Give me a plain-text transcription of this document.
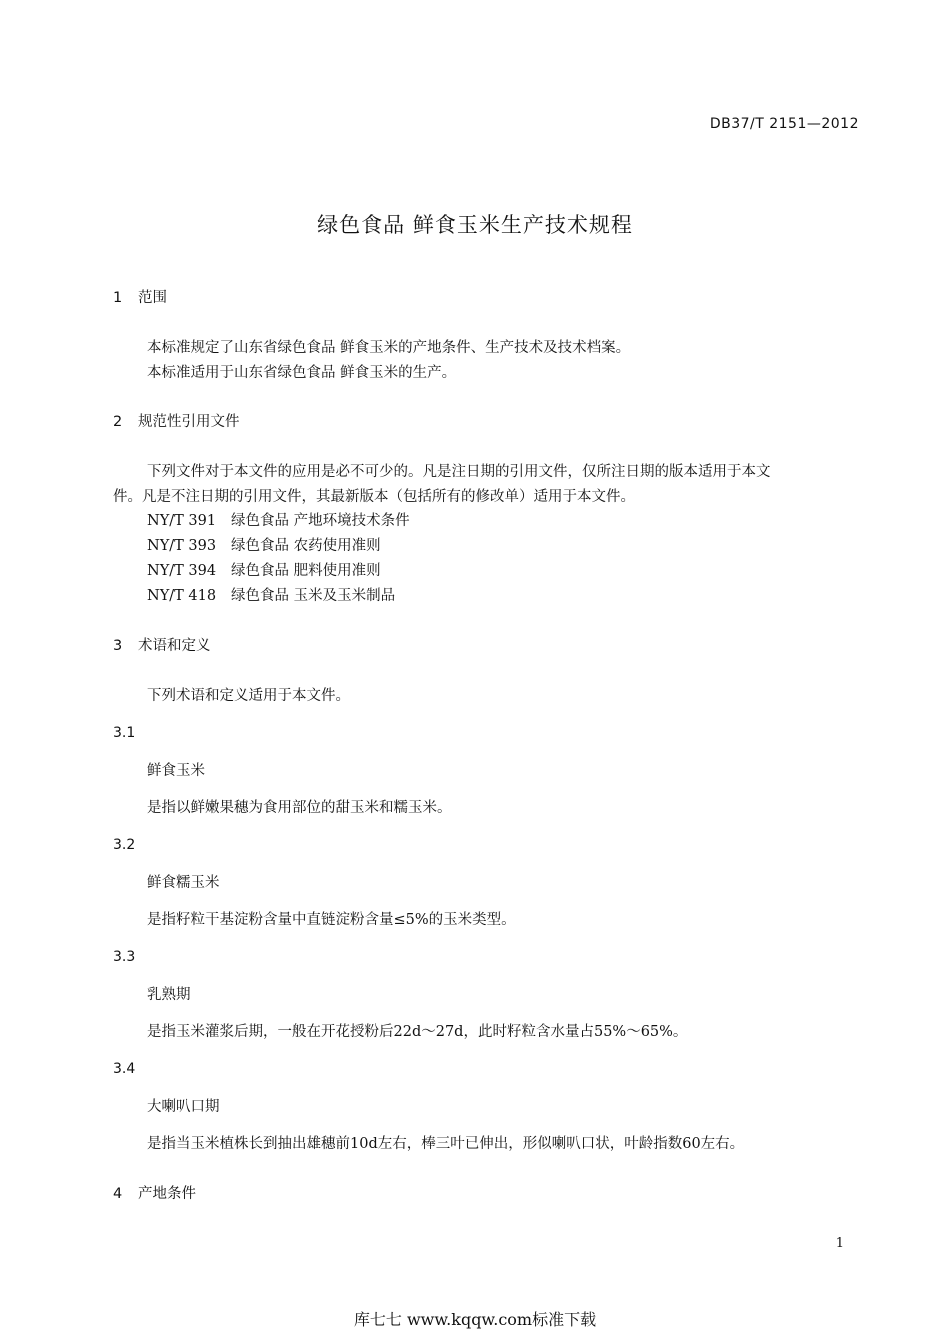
DB37/T 2151—2012
绿色食品 鲜食玉米生产技术规程
1 范围
本标准规定了山东省绿色食品 鲜食玉米的产地条件、生产技术及技术档案。
本标准适用于山东省绿色食品 鲜食玉米的生产。
2 规范性引用文件
下列文件对于本文件的应用是必不可少的。凡是注日期的引用文件，仅所注日期的版本适用于本文
件。凡是不注日期的引用文件，其最新版本（包括所有的修改单）适用于本文件。
NY/T 391 绿色食品 产地环境技术条件
NY/T 393 绿色食品 农药使用准则
NY/T 394 绿色食品 肥料使用准则
NY/T 418 绿色食品 玉米及玉米制品
3 术语和定义
下列术语和定义适用于本文件。
3.1
鲜食玉米
是指以鲜嫩果穗为食用部位的甜玉米和糯玉米。
3.2
鲜食糯玉米
是指籽粒干基淀粉含量中直链淀粉含量≤5%的玉米类型。
3.3
乳熟期
是指玉米灌浆后期，一般在开花授粉后22d～27d，此时籽粒含水量占55%～65%。
3.4
大喇叭口期
是指当玉米植株长到抽出雄穗前10d左右，棒三叶已伸出，形似喇叭口状，叶龄指数60左右。
4 产地条件
1
库七七 www.kqqw.com标准下载
